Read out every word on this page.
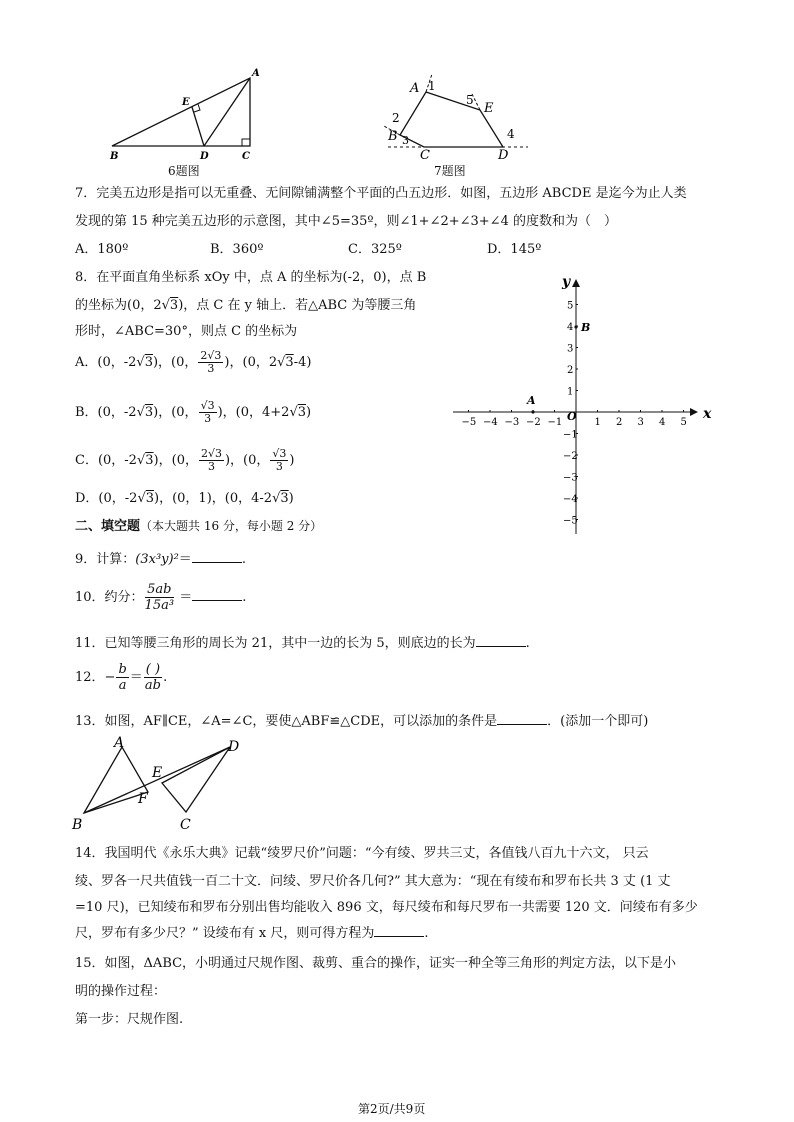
A
E
B	D	C
6题图
A 1
5
E
2
B 3	4
C	D
7题图
7．完美五边形是指可以无重叠、无间隙铺满整个平面的凸五边形．如图，五边形 ABCDE 是迄今为止人类
发现的第 15 种完美五边形的示意图，其中∠5=35º，则∠1+∠2+∠3+∠4 的度数和为（　）
A．180º	B．360º	C．325º	D．145º
8．在平面直角坐标系 xOy 中，点 A 的坐标为(-2，0)，点 B
的坐标为(0，2√3)，点 C 在 y 轴上．若△ABC 为等腰三角
形时，∠ABC=30°，则点 C 的坐标为
A．(0，-2√3)，(0， $\frac{2√3}{3}$ )，(0，2√3-4)
B．(0，-2√3)，(0， $\frac{√3}{3}$ )，(0，4+2√3)
C．(0，-2√3)，(0， $\frac{2√3}{3}$ )，(0， $\frac{√3}{3}$ )
D．(0，-2√3)，(0，1)，(0，4-2√3)
−5 −4 −3 −2 −1	1 2 3 4 5
5
4
3
2
1
−1
−2
−3
−4
−5
x
y
O
A
B
二、填空题（本大题共 16 分，每小题 2 分）
9．计算：(3x³y)²＝	.
10．约分： $\frac{5ab}{\text{15a³}}$ ＝	.
11．已知等腰三角形的周长为 21，其中一边的长为 5，则底边的长为	.
12．− $\frac{b}{a} = \frac{( )}{ab}$ .
13．如图，AF∥CE，∠A=∠C，要使△ABF≌△CDE，可以添加的条件是	．(添加一个即可)
A	D
E
F
B	C
14．我国明代《永乐大典》记载“绫罗尺价”问题：“今有绫、罗共三丈，各值钱八百九十六文， 只云
绫、罗各一尺共值钱一百二十文．问绫、罗尺价各几何?” 其大意为：“现在有绫布和罗布长共 3 丈 (1 丈
=10 尺)，已知绫布和罗布分别出售均能收入 896 文，每尺绫布和每尺罗布一共需要 120 文．问绫布有多少
尺，罗布有多少尺？” 设绫布有 x 尺，则可得方程为	.
15．如图，ΔABC，小明通过尺规作图、裁剪、重合的操作，证实一种全等三角形的判定方法，以下是小
明的操作过程：
第一步：尺规作图.
第2页/共9页
